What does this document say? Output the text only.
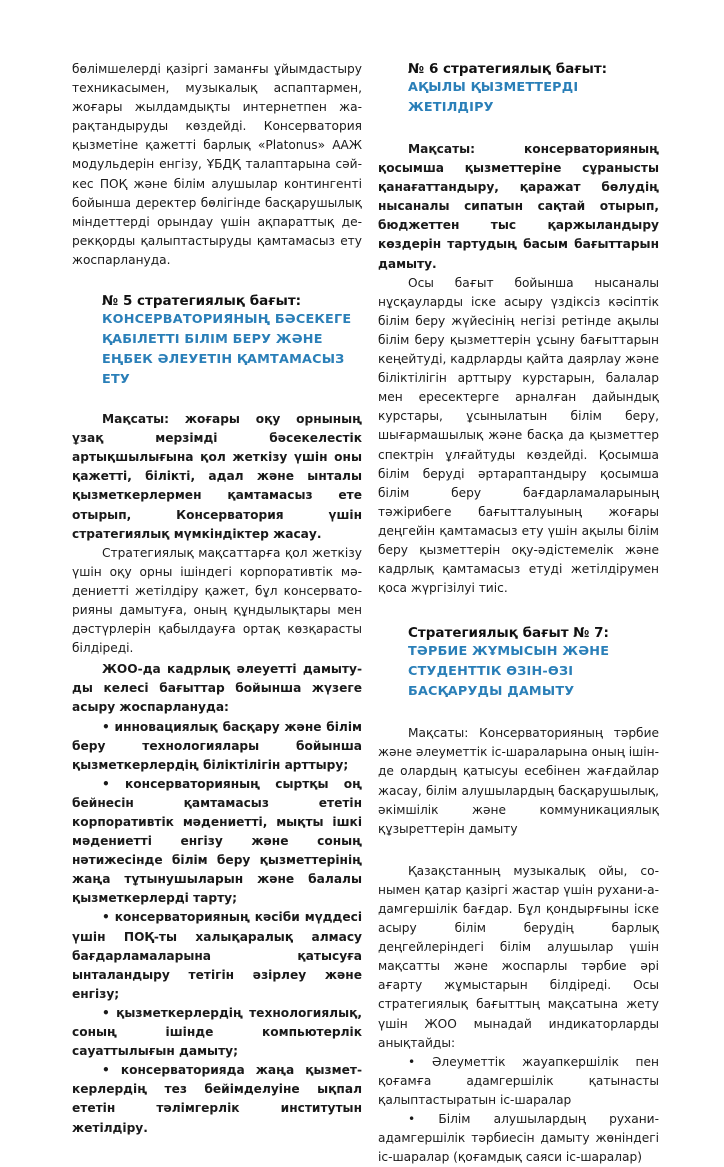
бөлімшелерді қазіргі заманғы ұйымдастыру техникасымен, музыкалық аспаптармен, жоғары жылдамдықты интернетпен жарақтандыруды көздейді. Консерватория қызметіне қажетті барлық «Platonus» ААЖ модульдерін енгізу, ҰБДҚ талаптарына сәйкес ПОҚ және білім алушылар контингенті бойынша деректер бөлігінде басқарушылық міндеттерді орындау үшін ақпараттық дерекқорды қалыптастыруды қамтамасыз ету жоспарлануда.

№ 5 стратегиялық бағыт:
КОНСЕРВАТОРИЯНЫҢ БӘСЕКЕГЕ ҚАБІЛЕТТІ БІЛІМ БЕРУ ЖӘНЕ ЕҢБЕК ӘЛЕУЕТІН ҚАМТАМАСЫЗ ЕТУ

Мақсаты: жоғары оқу орнының ұзақ мерзімді бәсекелестік артықшылығына қол жеткізу үшін оны қажетті, білікті, адал және ынталы қызметкерлермен қамтамасыз ете отырып, Консерватория үшін стратегиялық мүмкіндіктер жасау.

Стратегиялық мақсаттарға қол жеткізу үшін оқу орны ішіндегі корпоративтік мәдениетті жетілдіру қажет, бұл консерваторияны дамытуға, оның құндылықтары мен дәстүрлерін қабылдауға ортақ көзқарасты білдіреді.

ЖОО-да кадрлық әлеуетті дамытуды келесі бағыттар бойынша жүзеге асыру жоспарлануда:

• инновациялық басқару және білім беру технологиялары бойынша қызметкерлердің біліктілігін арттыру;

• консерваторияның сыртқы оң бейнесін қамтамасыз ететін корпоративтік мәдениетті, мықты ішкі мәдениетті енгізу және соның нәтижесінде білім беру қызметтерінің жаңа тұтынушыларын және балалы қызметкерлерді тарту;

• консерваторияның кәсіби мүддесі үшін ПОҚ-ты халықаралық алмасу бағдарламаларына қатысуға ынталандыру тетігін әзірлеу және енгізу;

• қызметкерлердің технологиялық, соның ішінде компьютерлік сауаттылығын дамыту;

• консерваторияда жаңа қызметкерлердің тез бейімделуіне ықпал ететін тәлімгерлік институтын жетілдіру.

№ 6 стратегиялық бағыт:
АҚЫЛЫ ҚЫЗМЕТТЕРДІ ЖЕТІЛДІРУ

Мақсаты: консерваторияның қосымша қызметтеріне сұранысты қанағаттандыру, қаражат бөлудің нысаналы сипатын сақтай отырып, бюджеттен тыс қаржыландыру көздерін тартудың басым бағыттарын дамыту.

Осы бағыт бойынша нысаналы нұсқауларды іске асыру үздіксіз кәсіптік білім беру жүйесінің негізі ретінде ақылы білім беру қызметтерін ұсыну бағыттарын кеңейтуді, кадрларды қайта даярлау және біліктілігін арттыру курстарын, балалар мен ересектерге арналған дайындық курстары, ұсынылaтын білім беру, шығармашылық және басқа да қызметтер спектрін ұлғайтуды көздейді. Қосымша білім беруді әртараптандыру қосымша білім беру бағдарламаларының тәжірибеге бағытталуының жоғары деңгейін қамтамасыз ету үшін ақылы білім беру қызметтерін оқу-әдістемелік және кадрлық қамтамасыз етуді жетілдірумен қоса жүргізілуі тиіс.

Стратегиялық бағыт № 7:
ТӘРБИЕ ЖҰМЫСЫН ЖӘНЕ СТУДЕНТТІК ӨЗІН-ӨЗІ БАСҚАРУДЫ ДАМЫТУ

Мақсаты: Консерваторияның тәрбие және әлеуметтік іс-шараларына оның ішінде олардың қатысуы есебінен жағдайлар жасау, білім алушылардың басқарушылық, әкімшілік және коммуникациялық құзыреттерін дамыту

Қазақстанның музыкалық ойы, сонымен қатар қазіргі жастар үшін рухани-адамгершілік бағдар. Бұл қондырғыны іске асыру білім берудің барлық деңгейлеріндегі білім алушылар үшін мақсатты және жоспарлы тәрбие әрі ағарту жұмыстарын білдіреді. Осы стратегиялық бағыттың мақсатына жету үшін ЖОО мынадай индикаторларды анықтайды:

• Әлеуметтік жауапкершілік пен қоғамға адамгершілік қатынасты қалыптастыратын іс-шаралар

• Білім алушылардың рухани-адамгершілік тәрбиесін дамыту жөніндегі іс-шаралар (қоғамдық саяси іс-шаралар)
